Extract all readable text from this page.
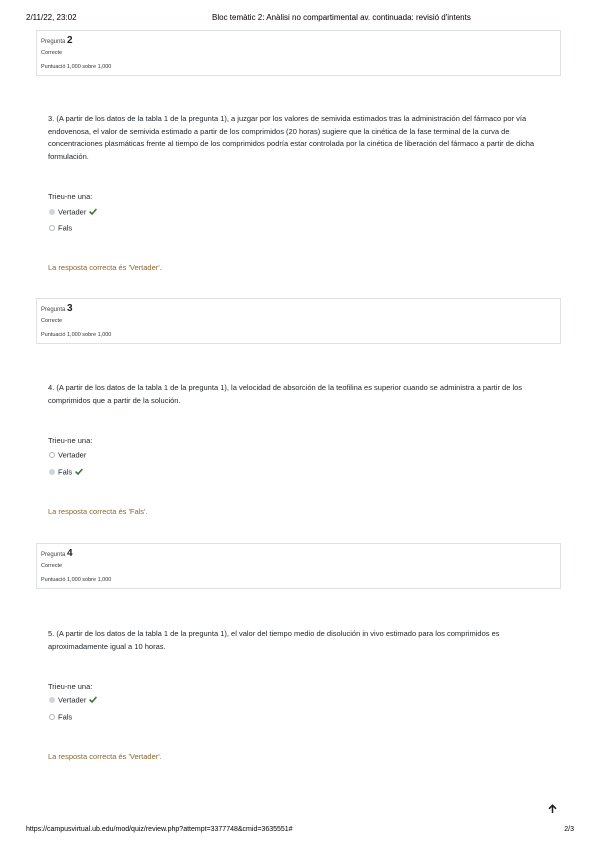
2/11/22, 23:02	Bloc temàtic 2: Anàlisi no compartimental av. continuada: revisió d'intents
Pregunta 2
Correcte
Puntuació 1,000 sobre 1,000
3. (A partir de los datos de la tabla 1 de la pregunta 1), a juzgar por los valores de semivida estimados tras la administración del fármaco por vía endovenosa, el valor de semivida estimado a partir de los comprimidos (20 horas) sugiere que la cinética de la fase terminal de la curva de concentraciones plasmáticas frente al tiempo de los comprimidos podría estar controlada por la cinética de liberación del fármaco a partir de dicha formulación.
Trieu-ne una:
Vertader
Fals
La resposta correcta és 'Vertader'.
Pregunta 3
Correcte
Puntuació 1,000 sobre 1,000
4. (A partir de los datos de la tabla 1 de la pregunta 1), la velocidad de absorción de la teofilina es superior cuando se administra a partir de los comprimidos que a partir de la solución.
Trieu-ne una:
Vertader
Fals
La resposta correcta és 'Fals'.
Pregunta 4
Correcte
Puntuació 1,000 sobre 1,000
5. (A partir de los datos de la tabla 1 de la pregunta 1), el valor del tiempo medio de disolución in vivo estimado para los comprimidos es aproximadamente igual a 10 horas.
Trieu-ne una:
Vertader
Fals
La resposta correcta és 'Vertader'.
https://campusvirtual.ub.edu/mod/quiz/review.php?attempt=3377748&cmid=3635551#	2/3
